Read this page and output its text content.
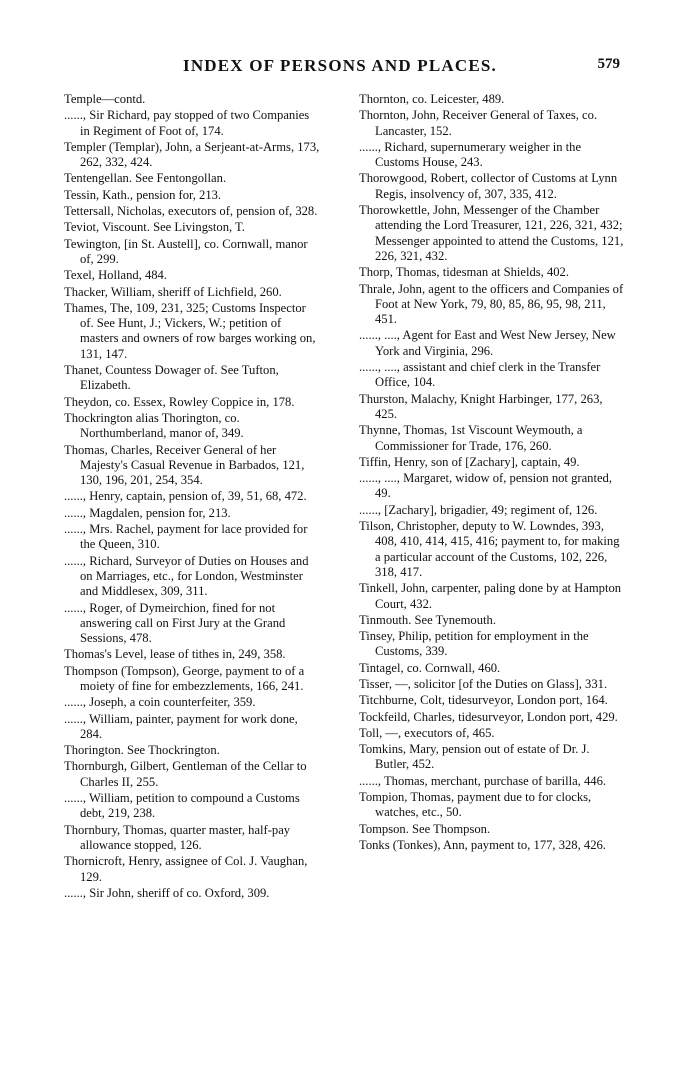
INDEX OF PERSONS AND PLACES.	579
Temple—contd.
......, Sir Richard, pay stopped of two Companies in Regiment of Foot of, 174.
Templer (Templar), John, a Serjeant-at-Arms, 173, 262, 332, 424.
Tentengellan. See Fentongollan.
Tessin, Kath., pension for, 213.
Tettersall, Nicholas, executors of, pension of, 328.
Teviot, Viscount. See Livingston, T.
Tewington, [in St. Austell], co. Cornwall, manor of, 299.
Texel, Holland, 484.
Thacker, William, sheriff of Lichfield, 260.
Thames, The, 109, 231, 325; Customs Inspector of. See Hunt, J.; Vickers, W.; petition of masters and owners of row barges working on, 131, 147.
Thanet, Countess Dowager of. See Tufton, Elizabeth.
Theydon, co. Essex, Rowley Coppice in, 178.
Thockrington alias Thorington, co. Northumberland, manor of, 349.
Thomas, Charles, Receiver General of her Majesty's Casual Revenue in Barbados, 121, 130, 196, 201, 254, 354.
......, Henry, captain, pension of, 39, 51, 68, 472.
......, Magdalen, pension for, 213.
......, Mrs. Rachel, payment for lace provided for the Queen, 310.
......, Richard, Surveyor of Duties on Houses and on Marriages, etc., for London, Westminster and Middlesex, 309, 311.
......, Roger, of Dymeirchion, fined for not answering call on First Jury at the Grand Sessions, 478.
Thomas's Level, lease of tithes in, 249, 358.
Thompson (Tompson), George, payment to of a moiety of fine for embezzlements, 166, 241.
......, Joseph, a coin counterfeiter, 359.
......, William, painter, payment for work done, 284.
Thorington. See Thockrington.
Thornburgh, Gilbert, Gentleman of the Cellar to Charles II, 255.
......, William, petition to compound a Customs debt, 219, 238.
Thornbury, Thomas, quarter master, half-pay allowance stopped, 126.
Thornicroft, Henry, assignee of Col. J. Vaughan, 129.
......, Sir John, sheriff of co. Oxford, 309.
Thornton, co. Leicester, 489.
Thornton, John, Receiver General of Taxes, co. Lancaster, 152.
......, Richard, supernumerary weigher in the Customs House, 243.
Thorowgood, Robert, collector of Customs at Lynn Regis, insolvency of, 307, 335, 412.
Thorowkettle, John, Messenger of the Chamber attending the Lord Treasurer, 121, 226, 321, 432; Messenger appointed to attend the Customs, 121, 226, 321, 432.
Thorp, Thomas, tidesman at Shields, 402.
Thrale, John, agent to the officers and Companies of Foot at New York, 79, 80, 85, 86, 95, 98, 211, 451.
......, ...., Agent for East and West New Jersey, New York and Virginia, 296.
......, ...., assistant and chief clerk in the Transfer Office, 104.
Thurston, Malachy, Knight Harbinger, 177, 263, 425.
Thynne, Thomas, 1st Viscount Weymouth, a Commissioner for Trade, 176, 260.
Tiffin, Henry, son of [Zachary], captain, 49.
......, ...., Margaret, widow of, pension not granted, 49.
......, [Zachary], brigadier, 49; regiment of, 126.
Tilson, Christopher, deputy to W. Lowndes, 393, 408, 410, 414, 415, 416; payment to, for making a particular account of the Customs, 102, 226, 318, 417.
Tinkell, John, carpenter, paling done by at Hampton Court, 432.
Tinmouth. See Tynemouth.
Tinsey, Philip, petition for employment in the Customs, 339.
Tintagel, co. Cornwall, 460.
Tisser, —, solicitor [of the Duties on Glass], 331.
Titchburne, Colt, tidesurveyor, London port, 164.
Tockfeild, Charles, tidesurveyor, London port, 429.
Toll, —, executors of, 465.
Tomkins, Mary, pension out of estate of Dr. J. Butler, 452.
......, Thomas, merchant, purchase of barilla, 446.
Tompion, Thomas, payment due to for clocks, watches, etc., 50.
Tompson. See Thompson.
Tonks (Tonkes), Ann, payment to, 177, 328, 426.
